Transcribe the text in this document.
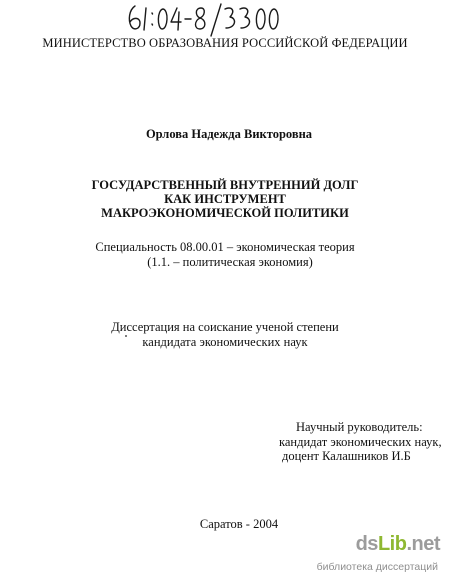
МИНИСТЕРСТВО ОБРАЗОВАНИЯ РОССИЙСКОЙ ФЕДЕРАЦИИ
Орлова Надежда Викторовна
ГОСУДАРСТВЕННЫЙ ВНУТРЕННИЙ ДОЛГ
КАК ИНСТРУМЕНТ
МАКРОЭКОНОМИЧЕСКОЙ ПОЛИТИКИ
Специальность 08.00.01 – экономическая теория
(1.1. – политическая экономия)
Диссертация на соискание ученой степени
кандидата экономических наук
Научный руководитель:
кандидат экономических наук,
доцент Калашников И.Б
Саратов - 2004
dsLib.net
библиотека диссертаций
